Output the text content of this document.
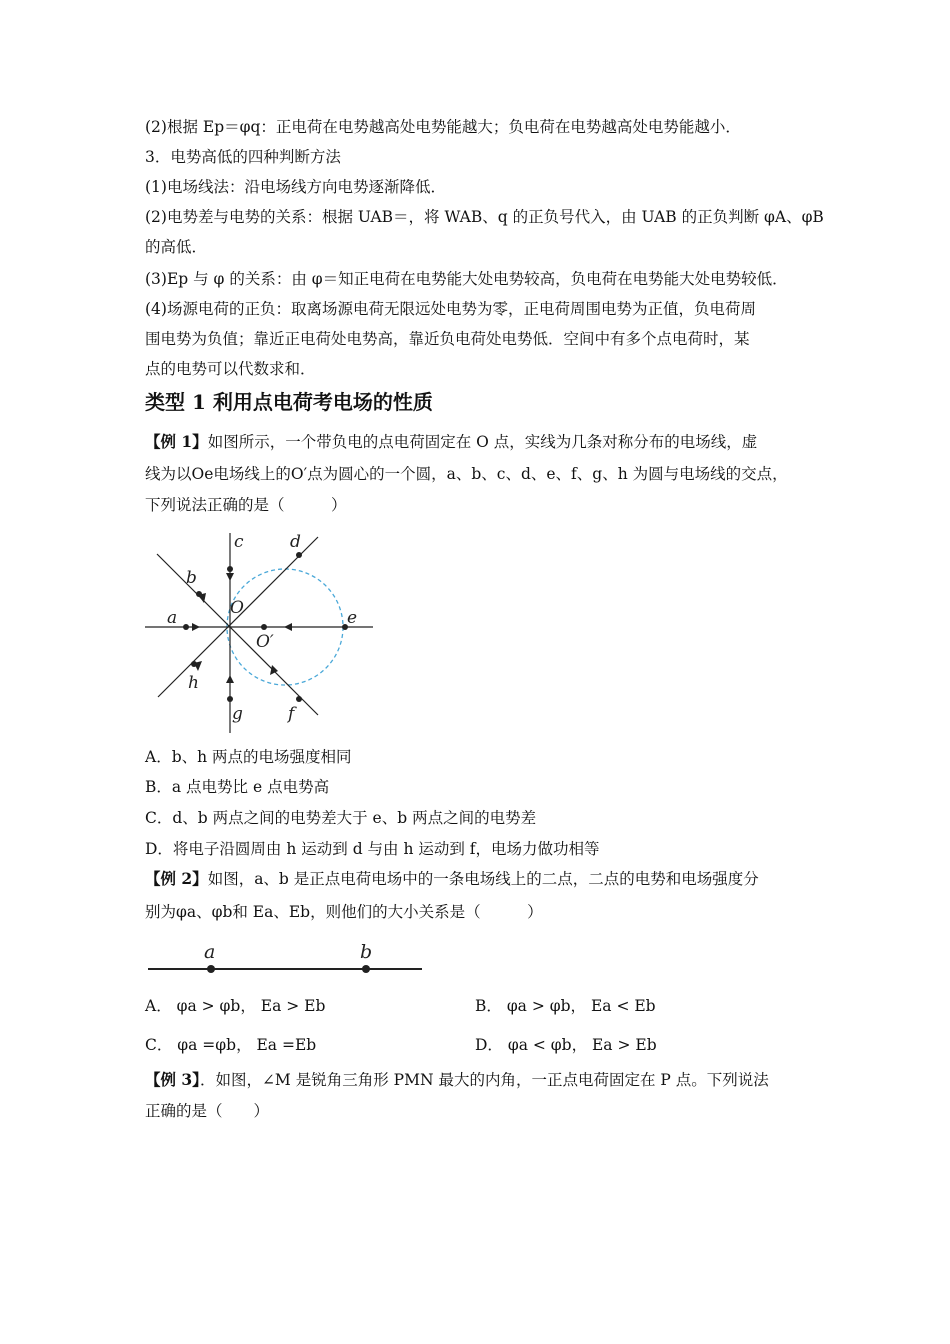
(2)根据 Ep＝φq：正电荷在电势越高处电势能越大；负电荷在电势越高处电势能越小．
3．电势高低的四种判断方法
(1)电场线法：沿电场线方向电势逐渐降低．
(2)电势差与电势的关系：根据 UAB＝，将 WAB、q 的正负号代入，由 UAB 的正负判断 φA、φB
的高低．
(3)Ep 与 φ 的关系：由 φ＝知正电荷在电势能大处电势较高，负电荷在电势能大处电势较低．
(4)场源电荷的正负：取离场源电荷无限远处电势为零，正电荷周围电势为正值，负电荷周
围电势为负值；靠近正电荷处电势高，靠近负电荷处电势低．空间中有多个点电荷时，某
点的电势可以代数求和．
类型 1 利用点电荷考电场的性质
【例 1】如图所示，一个带负电的点电荷固定在 O 点，实线为几条对称分布的电场线，虚
线为以Oe电场线上的O′点为圆心的一个圆，a、b、c、d、e、f、g、h 为圆与电场线的交点，
下列说法正确的是（　　　）
c	d
b
O
a	e
O′
h
g	f
A．b、h 两点的电场强度相同
B．a 点电势比 e 点电势高
C．d、b 两点之间的电势差大于 e、b 两点之间的电势差
D．将电子沿圆周由 h 运动到 d 与由 h 运动到 f，电场力做功相等
【例 2】如图，a、b 是正点电荷电场中的一条电场线上的二点，二点的电势和电场强度分
别为φa、φb和 Ea、Eb，则他们的大小关系是（　　　）
a	b
A． φa > φb， Ea > Eb	B． φa > φb， Ea < Eb
C． φa =φb， Ea =Eb	D． φa < φb， Ea > Eb
【例 3】．如图，∠M 是锐角三角形 PMN 最大的内角，一正点电荷固定在 P 点。下列说法
正确的是（　　）
